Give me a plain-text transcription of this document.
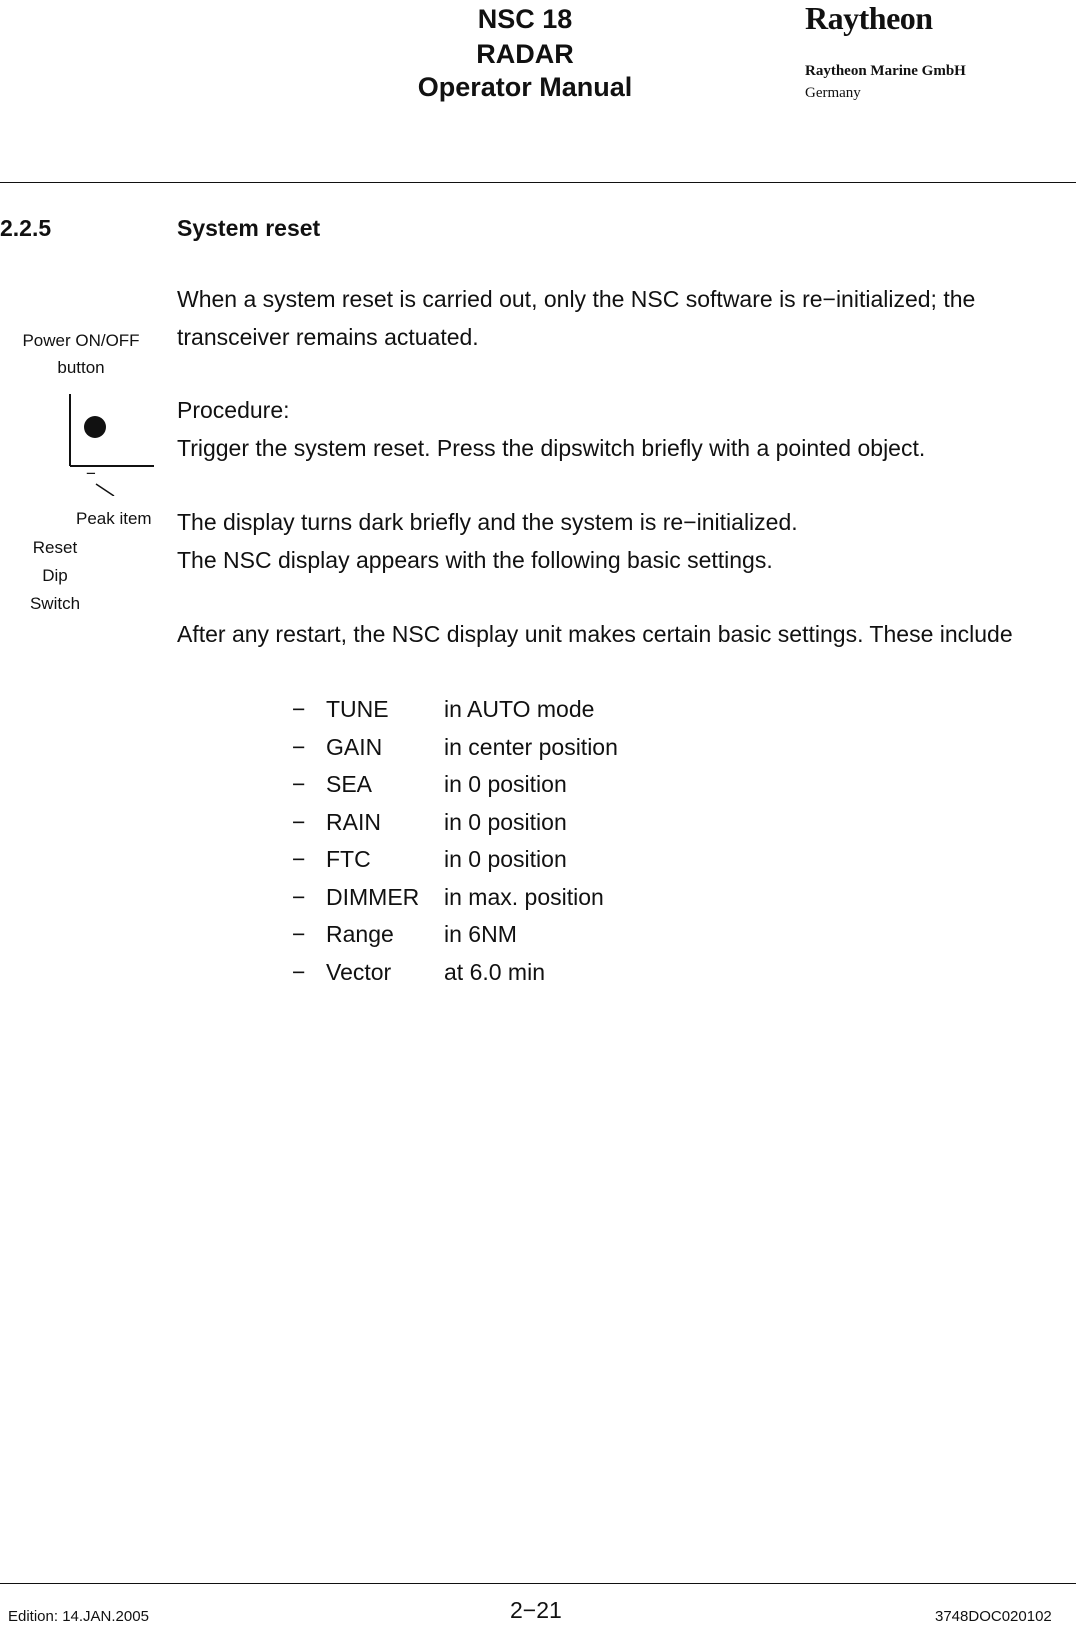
NSC 18
RADAR
Operator Manual
Raytheon
Raytheon Marine GmbH
Germany
2.2.5	System reset

When a system reset is carried out, only the NSC software is re−initialized; the transceiver remains actuated.

Procedure:

Trigger the system reset. Press the dipswitch briefly with a pointed object.

The display turns dark briefly and the system is re−initialized.

The NSC display appears with the following basic settings.

After any restart, the NSC display unit makes certain basic settings. These include

Power ON/OFF
button
−
Peak item
Reset
Dip
Switch
− TUNE	in AUTO mode
− GAIN	in center position
− SEA	in 0 position
− RAIN	in 0 position
− FTC	in 0 position
− DIMMER	in max. position
− Range	in 6NM
− Vector	at 6.0 min
Edition: 14.JAN.2005	2−21	3748DOC020102
